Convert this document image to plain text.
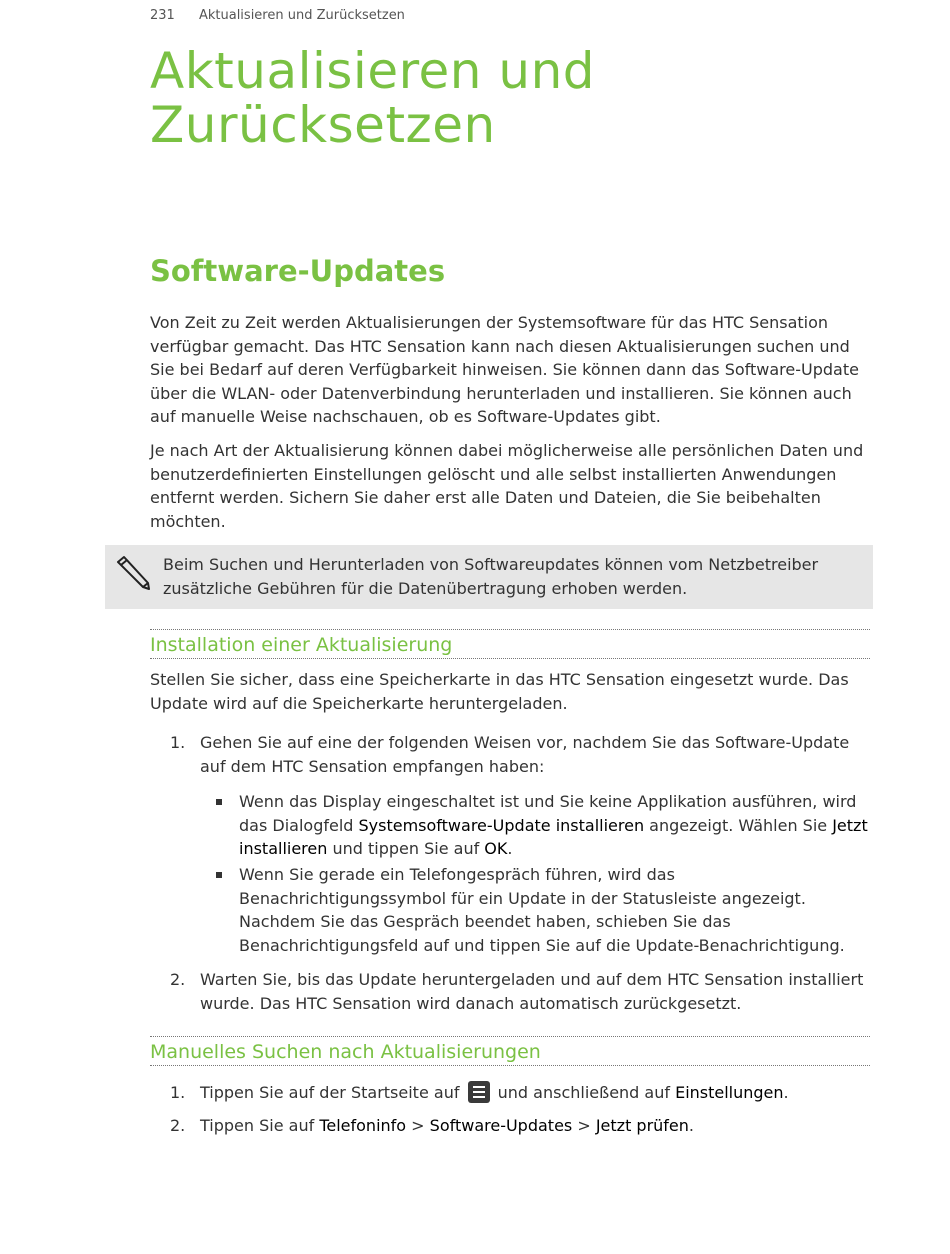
231 Aktualisieren und Zurücksetzen
Aktualisieren und
Zurücksetzen
Software-Updates

Von Zeit zu Zeit werden Aktualisierungen der Systemsoftware für das HTC Sensation verfügbar gemacht. Das HTC Sensation kann nach diesen Aktualisierungen suchen und Sie bei Bedarf auf deren Verfügbarkeit hinweisen. Sie können dann das Software-Update über die WLAN- oder Datenverbindung herunterladen und installieren. Sie können auch auf manuelle Weise nachschauen, ob es Software-Updates gibt.

Je nach Art der Aktualisierung können dabei möglicherweise alle persönlichen Daten und benutzerdefinierten Einstellungen gelöscht und alle selbst installierten Anwendungen entfernt werden. Sichern Sie daher erst alle Daten und Dateien, die Sie beibehalten möchten.

Beim Suchen und Herunterladen von Softwareupdates können vom Netzbetreiber zusätzliche Gebühren für die Datenübertragung erhoben werden.
Installation einer Aktualisierung

Stellen Sie sicher, dass eine Speicherkarte in das HTC Sensation eingesetzt wurde. Das Update wird auf die Speicherkarte heruntergeladen.

1. Gehen Sie auf eine der folgenden Weisen vor, nachdem Sie das Software-Update auf dem HTC Sensation empfangen haben:
Wenn das Display eingeschaltet ist und Sie keine Applikation ausführen, wird das Dialogfeld Systemsoftware-Update installieren angezeigt. Wählen Sie Jetzt installieren und tippen Sie auf OK.
Wenn Sie gerade ein Telefongespräch führen, wird das Benachrichtigungssymbol für ein Update in der Statusleiste angezeigt. Nachdem Sie das Gespräch beendet haben, schieben Sie das Benachrichtigungsfeld auf und tippen Sie auf die Update-Benachrichtigung.
2. Warten Sie, bis das Update heruntergeladen und auf dem HTC Sensation installiert wurde. Das HTC Sensation wird danach automatisch zurückgesetzt.
Manuelles Suchen nach Aktualisierungen
1. Tippen Sie auf der Startseite auf
und anschließend auf Einstellungen.
2. Tippen Sie auf Telefoninfo > Software-Updates > Jetzt prüfen.
